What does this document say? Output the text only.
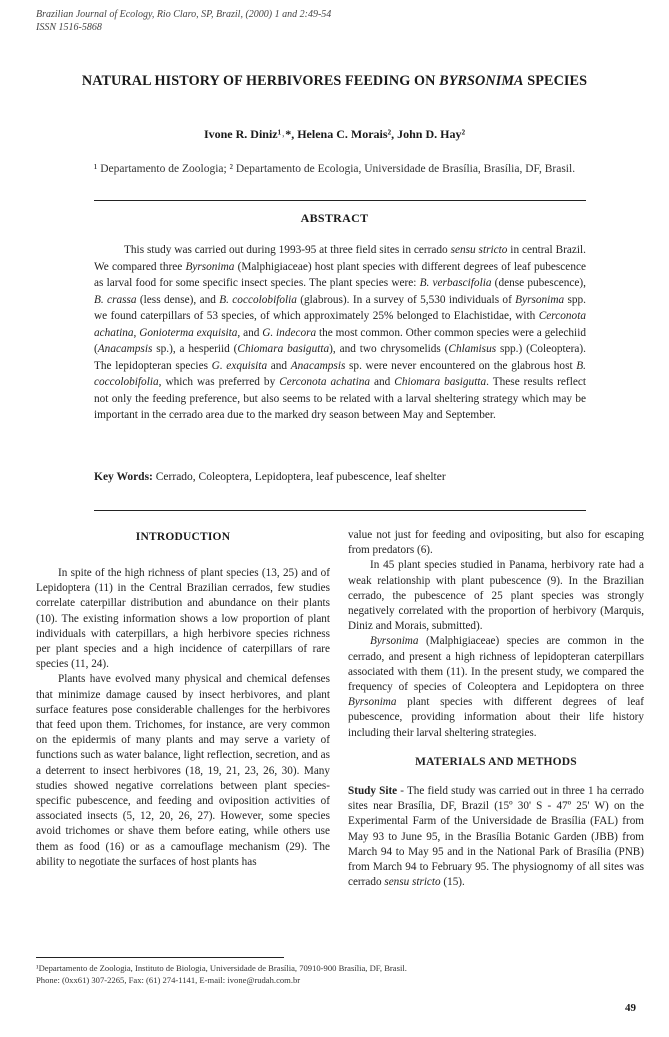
Brazilian Journal of Ecology, Rio Claro, SP, Brazil, (2000) 1 and 2:49-54
ISSN 1516-5868
NATURAL HISTORY OF HERBIVORES FEEDING ON BYRSONIMA SPECIES
Ivone R. Diniz¹˒*, Helena C. Morais², John D. Hay²
¹ Departamento de Zoologia; ² Departamento de Ecologia, Universidade de Brasília, Brasília, DF, Brasil.
ABSTRACT
This study was carried out during 1993-95 at three field sites in cerrado sensu stricto in central Brazil. We compared three Byrsonima (Malphigiaceae) host plant species with different degrees of leaf pubescence as larval food for some specific insect species. The plant species were: B. verbascifolia (dense pubescence), B. crassa (less dense), and B. coccolobifolia (glabrous). In a survey of 5,530 individuals of Byrsonima spp. we found caterpillars of 53 species, of which approximately 25% belonged to Elachistidae, with Cerconota achatina, Gonioterma exquisita, and G. indecora the most common. Other common species were a gelechiid (Anacampsis sp.), a hesperiid (Chiomara basigutta), and two chrysomelids (Chlamisus spp.) (Coleoptera). The lepidopteran species G. exquisita and Anacampsis sp. were never encountered on the glabrous host B. coccolobifolia, which was preferred by Cerconota achatina and Chiomara basigutta. These results reflect not only the feeding preference, but also seems to be related with a larval sheltering strategy which may be important in the cerrado area due to the marked dry season between May and September.
Key Words: Cerrado, Coleoptera, Lepidoptera, leaf pubescence, leaf shelter
INTRODUCTION

In spite of the high richness of plant species (13, 25) and of Lepidoptera (11) in the Central Brazilian cerrados, few studies correlate caterpillar distribution and abundance on their plants (10). The existing information shows a low proportion of plant individuals with caterpillars, a high herbivore species richness per plant species and a high incidence of caterpillars of rare species (11, 24).

Plants have evolved many physical and chemical defenses that minimize damage caused by insect herbivores, and plant surface features pose considerable challenges for the herbivores that feed upon them. Trichomes, for instance, are very common on the epidermis of many plants and may serve a variety of functions such as water balance, light reflection, secretion, and as a deterrent to insect herbivores (18, 19, 21, 23, 26, 30). Many studies showed negative correlations between plant species-specific pubescence, and feeding and oviposition activities of associated insects (5, 12, 20, 26, 27). However, some species avoid trichomes or shave them before eating, while others use them as food (16) or as a camouflage mechanism (29). The ability to negotiate the surfaces of host plants has

value not just for feeding and ovipositing, but also for escaping from predators (6).

In 45 plant species studied in Panama, herbivory rate had a weak relationship with plant pubescence (9). In the Brazilian cerrado, the pubescence of 25 plant species was strongly negatively correlated with the proportion of herbivory (Marquis, Diniz and Morais, submitted).

Byrsonima (Malphigiaceae) species are common in the cerrado, and present a high richness of lepidopteran caterpillars associated with them (11). In the present study, we compared the frequency of species of Coleoptera and Lepidoptera on three Byrsonima plant species with different degrees of leaf pubescence, providing information about their life history including their larval sheltering strategies.

MATERIALS AND METHODS

Study Site - The field study was carried out in three 1 ha cerrado sites near Brasília, DF, Brazil (15º 30' S - 47º 25' W) on the Experimental Farm of the Universidade de Brasília (FAL) from May 93 to June 95, in the Brasília Botanic Garden (JBB) from March 94 to May 95 and in the National Park of Brasília (PNB) from March 94 to February 95. The physiognomy of all sites was cerrado sensu stricto (15).

¹Departamento de Zoologia, Instituto de Biologia, Universidade de Brasília, 70910-900 Brasília, DF, Brasil.
Phone: (0xx61) 307-2265, Fax: (61) 274-1141, E-mail: ivone@rudah.com.br
49
